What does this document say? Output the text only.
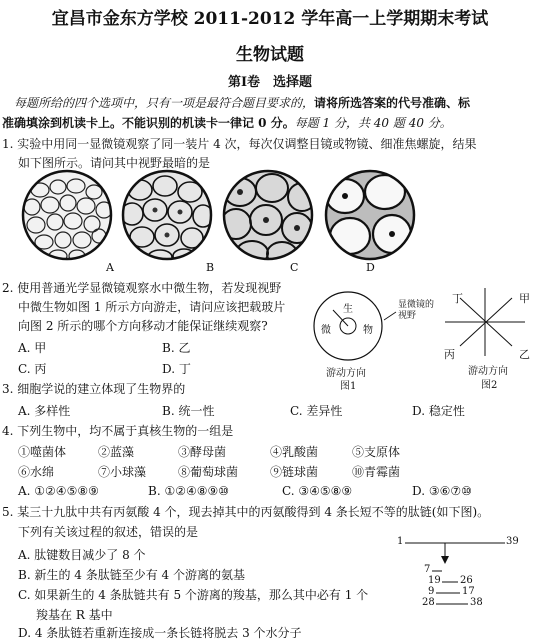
宜昌市金东方学校 2011-2012 学年高一上学期期末考试
生物试题
第Ⅰ卷　选择题
每题所给的四个选项中，只有一项是最符合题目要求的，请将所选答案的代号准确、标
准确填涂到机读卡上。不能识别的机读卡一律记 0 分。每题 1 分，共 40 题 40 分。
1. 实验中用同一显微镜观察了同一装片 4 次，每次仅调整目镜或物镜、细准焦螺旋，结果
如下图所示。请问其中视野最暗的是
A	B	C	D
2. 使用普通光学显微镜观察水中微生物，若发现视野
中微生物如图 1 所示方向游走，请问应该把载玻片
向图 2 所示的哪个方向移动才能保证继续观察?
A. 甲	B. 乙
C. 丙	D. 丁
生
微	物
显微镜的视野
游动方向
图1
丁	甲
丙	乙
游动方向
图2
3. 细胞学说的建立体现了生物界的
A. 多样性	B. 统一性	C. 差异性	D. 稳定性
4. 下列生物中，均不属于真核生物的一组是
①噬菌体	②蓝藻	③酵母菌	④乳酸菌	⑤支原体
⑥水绵	⑦小球藻	⑧葡萄球菌	⑨链球菌	⑩青霉菌
A. ①②④⑤⑧⑨	B. ①②④⑧⑨⑩	C. ③④⑤⑧⑨	D. ③⑥⑦⑩
5. 某三十九肽中共有丙氨酸 4 个，现去掉其中的丙氨酸得到 4 条长短不等的肽链(如下图)。
下列有关该过程的叙述，错误的是
A. 肽键数目减少了 8 个
B. 新生的 4 条肽链至少有 4 个游离的氨基
C. 如果新生的 4 条肽链共有 5 个游离的羧基，那么其中必有 1 个
羧基在 R 基中
D. 4 条肽链若重新连接成一条长链将脱去 3 个水分子
1	39
7
19 26
9	17
28	38
